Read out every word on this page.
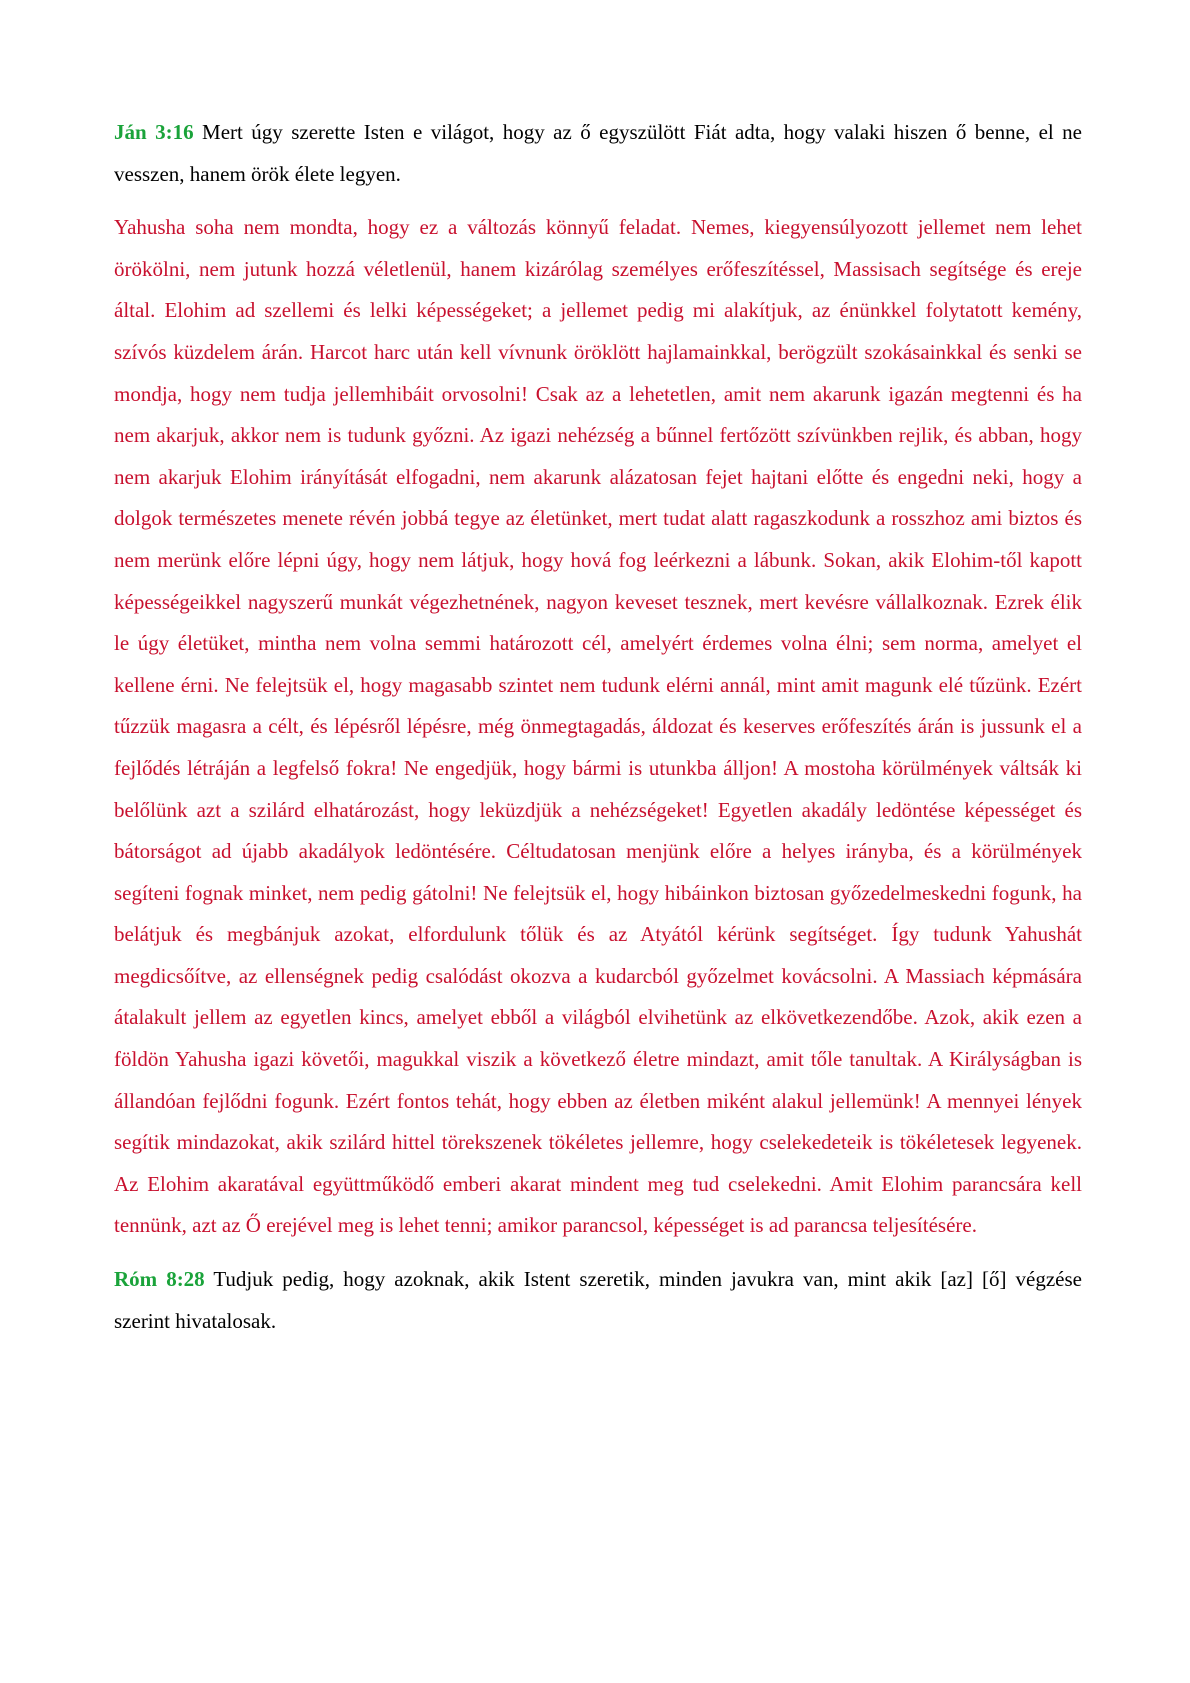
Ján 3:16 Mert úgy szerette Isten e világot, hogy az ő egyszülött Fiát adta, hogy valaki hiszen ő benne, el ne vesszen, hanem örök élete legyen.

Yahusha soha nem mondta, hogy ez a változás könnyű feladat. Nemes, kiegyensúlyozott jellemet nem lehet örökölni, nem jutunk hozzá véletlenül, hanem kizárólag személyes erőfeszítéssel, Massisach segítsége és ereje által. Elohim ad szellemi és lelki képességeket; a jellemet pedig mi alakítjuk, az énünkkel folytatott kemény, szívós küzdelem árán. Harcot harc után kell vívnunk öröklött hajlamainkkal, berögzült szokásainkkal és senki se mondja, hogy nem tudja jellemhibáit orvosolni! Csak az a lehetetlen, amit nem akarunk igazán megtenni és ha nem akarjuk, akkor nem is tudunk győzni. Az igazi nehézség a bűnnel fertőzött szívünkben rejlik, és abban, hogy nem akarjuk Elohim irányítását elfogadni, nem akarunk alázatosan fejet hajtani előtte és engedni neki, hogy a dolgok természetes menete révén jobbá tegye az életünket, mert tudat alatt ragaszkodunk a rosszhoz ami biztos és nem merünk előre lépni úgy, hogy nem látjuk, hogy hová fog leérkezni a lábunk. Sokan, akik Elohim-től kapott képességeikkel nagyszerű munkát végezhetnének, nagyon keveset tesznek, mert kevésre vállalkoznak. Ezrek élik le úgy életüket, mintha nem volna semmi határozott cél, amelyért érdemes volna élni; sem norma, amelyet el kellene érni. Ne felejtsük el, hogy magasabb szintet nem tudunk elérni annál, mint amit magunk elé tűzünk. Ezért tűzzük magasra a célt, és lépésről lépésre, még önmegtagadás, áldozat és keserves erőfeszítés árán is jussunk el a fejlődés létráján a legfelső fokra! Ne engedjük, hogy bármi is utunkba álljon! A mostoha körülmények váltsák ki belőlünk azt a szilárd elhatározást, hogy leküzdjük a nehézségeket! Egyetlen akadály ledöntése képességet és bátorságot ad újabb akadályok ledöntésére. Céltudatosan menjünk előre a helyes irányba, és a körülmények segíteni fognak minket, nem pedig gátolni! Ne felejtsük el, hogy hibáinkon biztosan győzedelmeskedni fogunk, ha belátjuk és megbánjuk azokat, elfordulunk tőlük és az Atyától kérünk segítséget. Így tudunk Yahushát megdicsőítve, az ellenségnek pedig csalódást okozva a kudarcból győzelmet kovácsolni. A Massiach képmására átalakult jellem az egyetlen kincs, amelyet ebből a világból elvihetünk az elkövetkezendőbe. Azok, akik ezen a földön Yahusha igazi követői, magukkal viszik a következő életre mindazt, amit tőle tanultak. A Királyságban is állandóan fejlődni fogunk. Ezért fontos tehát, hogy ebben az életben miként alakul jellemünk! A mennyei lények segítik mindazokat, akik szilárd hittel törekszenek tökéletes jellemre, hogy cselekedeteik is tökéletesek legyenek. Az Elohim akaratával együttműködő emberi akarat mindent meg tud cselekedni. Amit Elohim parancsára kell tennünk, azt az Ő erejével meg is lehet tenni; amikor parancsol, képességet is ad parancsa teljesítésére.

Róm 8:28 Tudjuk pedig, hogy azoknak, akik Istent szeretik, minden javukra van, mint akik [az] [ő] végzése szerint hivatalosak.
